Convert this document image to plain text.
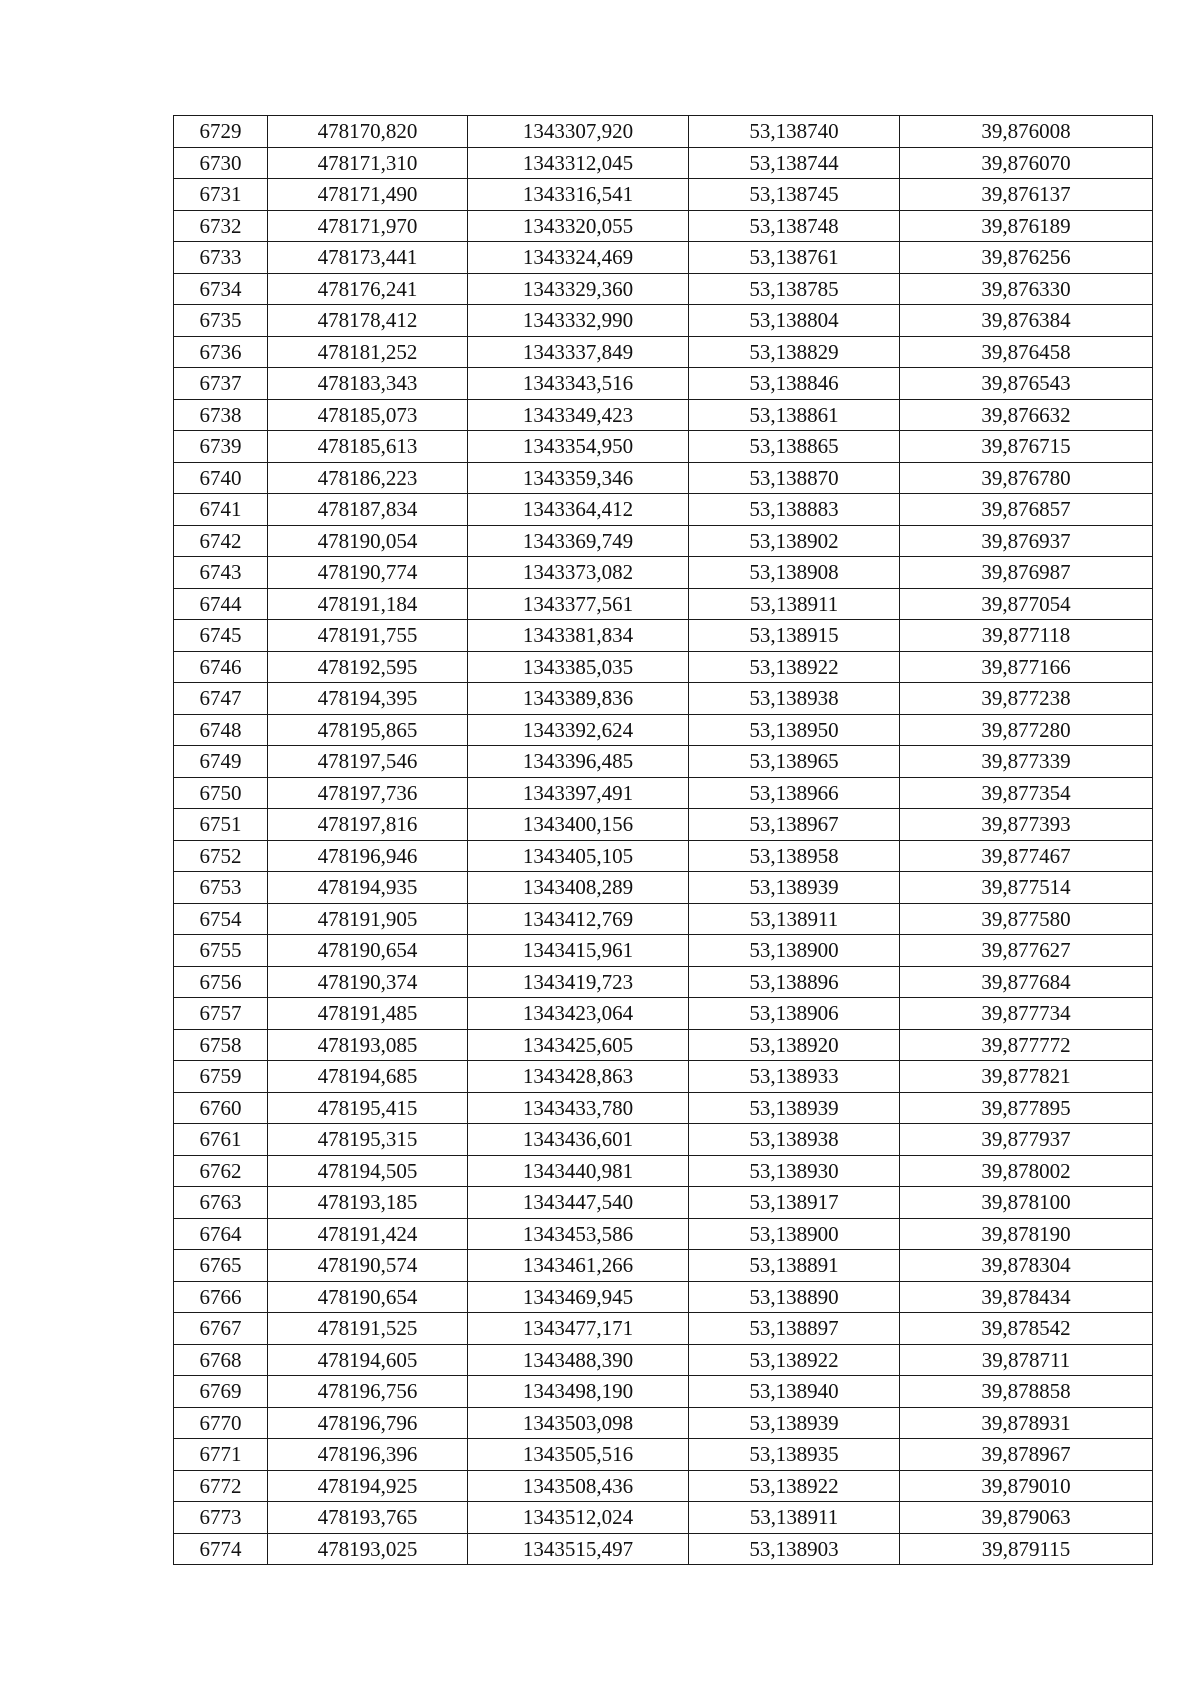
6729	478170,820	1343307,920	53,138740	39,876008
6730	478171,310	1343312,045	53,138744	39,876070
6731	478171,490	1343316,541	53,138745	39,876137
6732	478171,970	1343320,055	53,138748	39,876189
6733	478173,441	1343324,469	53,138761	39,876256
6734	478176,241	1343329,360	53,138785	39,876330
6735	478178,412	1343332,990	53,138804	39,876384
6736	478181,252	1343337,849	53,138829	39,876458
6737	478183,343	1343343,516	53,138846	39,876543
6738	478185,073	1343349,423	53,138861	39,876632
6739	478185,613	1343354,950	53,138865	39,876715
6740	478186,223	1343359,346	53,138870	39,876780
6741	478187,834	1343364,412	53,138883	39,876857
6742	478190,054	1343369,749	53,138902	39,876937
6743	478190,774	1343373,082	53,138908	39,876987
6744	478191,184	1343377,561	53,138911	39,877054
6745	478191,755	1343381,834	53,138915	39,877118
6746	478192,595	1343385,035	53,138922	39,877166
6747	478194,395	1343389,836	53,138938	39,877238
6748	478195,865	1343392,624	53,138950	39,877280
6749	478197,546	1343396,485	53,138965	39,877339
6750	478197,736	1343397,491	53,138966	39,877354
6751	478197,816	1343400,156	53,138967	39,877393
6752	478196,946	1343405,105	53,138958	39,877467
6753	478194,935	1343408,289	53,138939	39,877514
6754	478191,905	1343412,769	53,138911	39,877580
6755	478190,654	1343415,961	53,138900	39,877627
6756	478190,374	1343419,723	53,138896	39,877684
6757	478191,485	1343423,064	53,138906	39,877734
6758	478193,085	1343425,605	53,138920	39,877772
6759	478194,685	1343428,863	53,138933	39,877821
6760	478195,415	1343433,780	53,138939	39,877895
6761	478195,315	1343436,601	53,138938	39,877937
6762	478194,505	1343440,981	53,138930	39,878002
6763	478193,185	1343447,540	53,138917	39,878100
6764	478191,424	1343453,586	53,138900	39,878190
6765	478190,574	1343461,266	53,138891	39,878304
6766	478190,654	1343469,945	53,138890	39,878434
6767	478191,525	1343477,171	53,138897	39,878542
6768	478194,605	1343488,390	53,138922	39,878711
6769	478196,756	1343498,190	53,138940	39,878858
6770	478196,796	1343503,098	53,138939	39,878931
6771	478196,396	1343505,516	53,138935	39,878967
6772	478194,925	1343508,436	53,138922	39,879010
6773	478193,765	1343512,024	53,138911	39,879063
6774	478193,025	1343515,497	53,138903	39,879115
